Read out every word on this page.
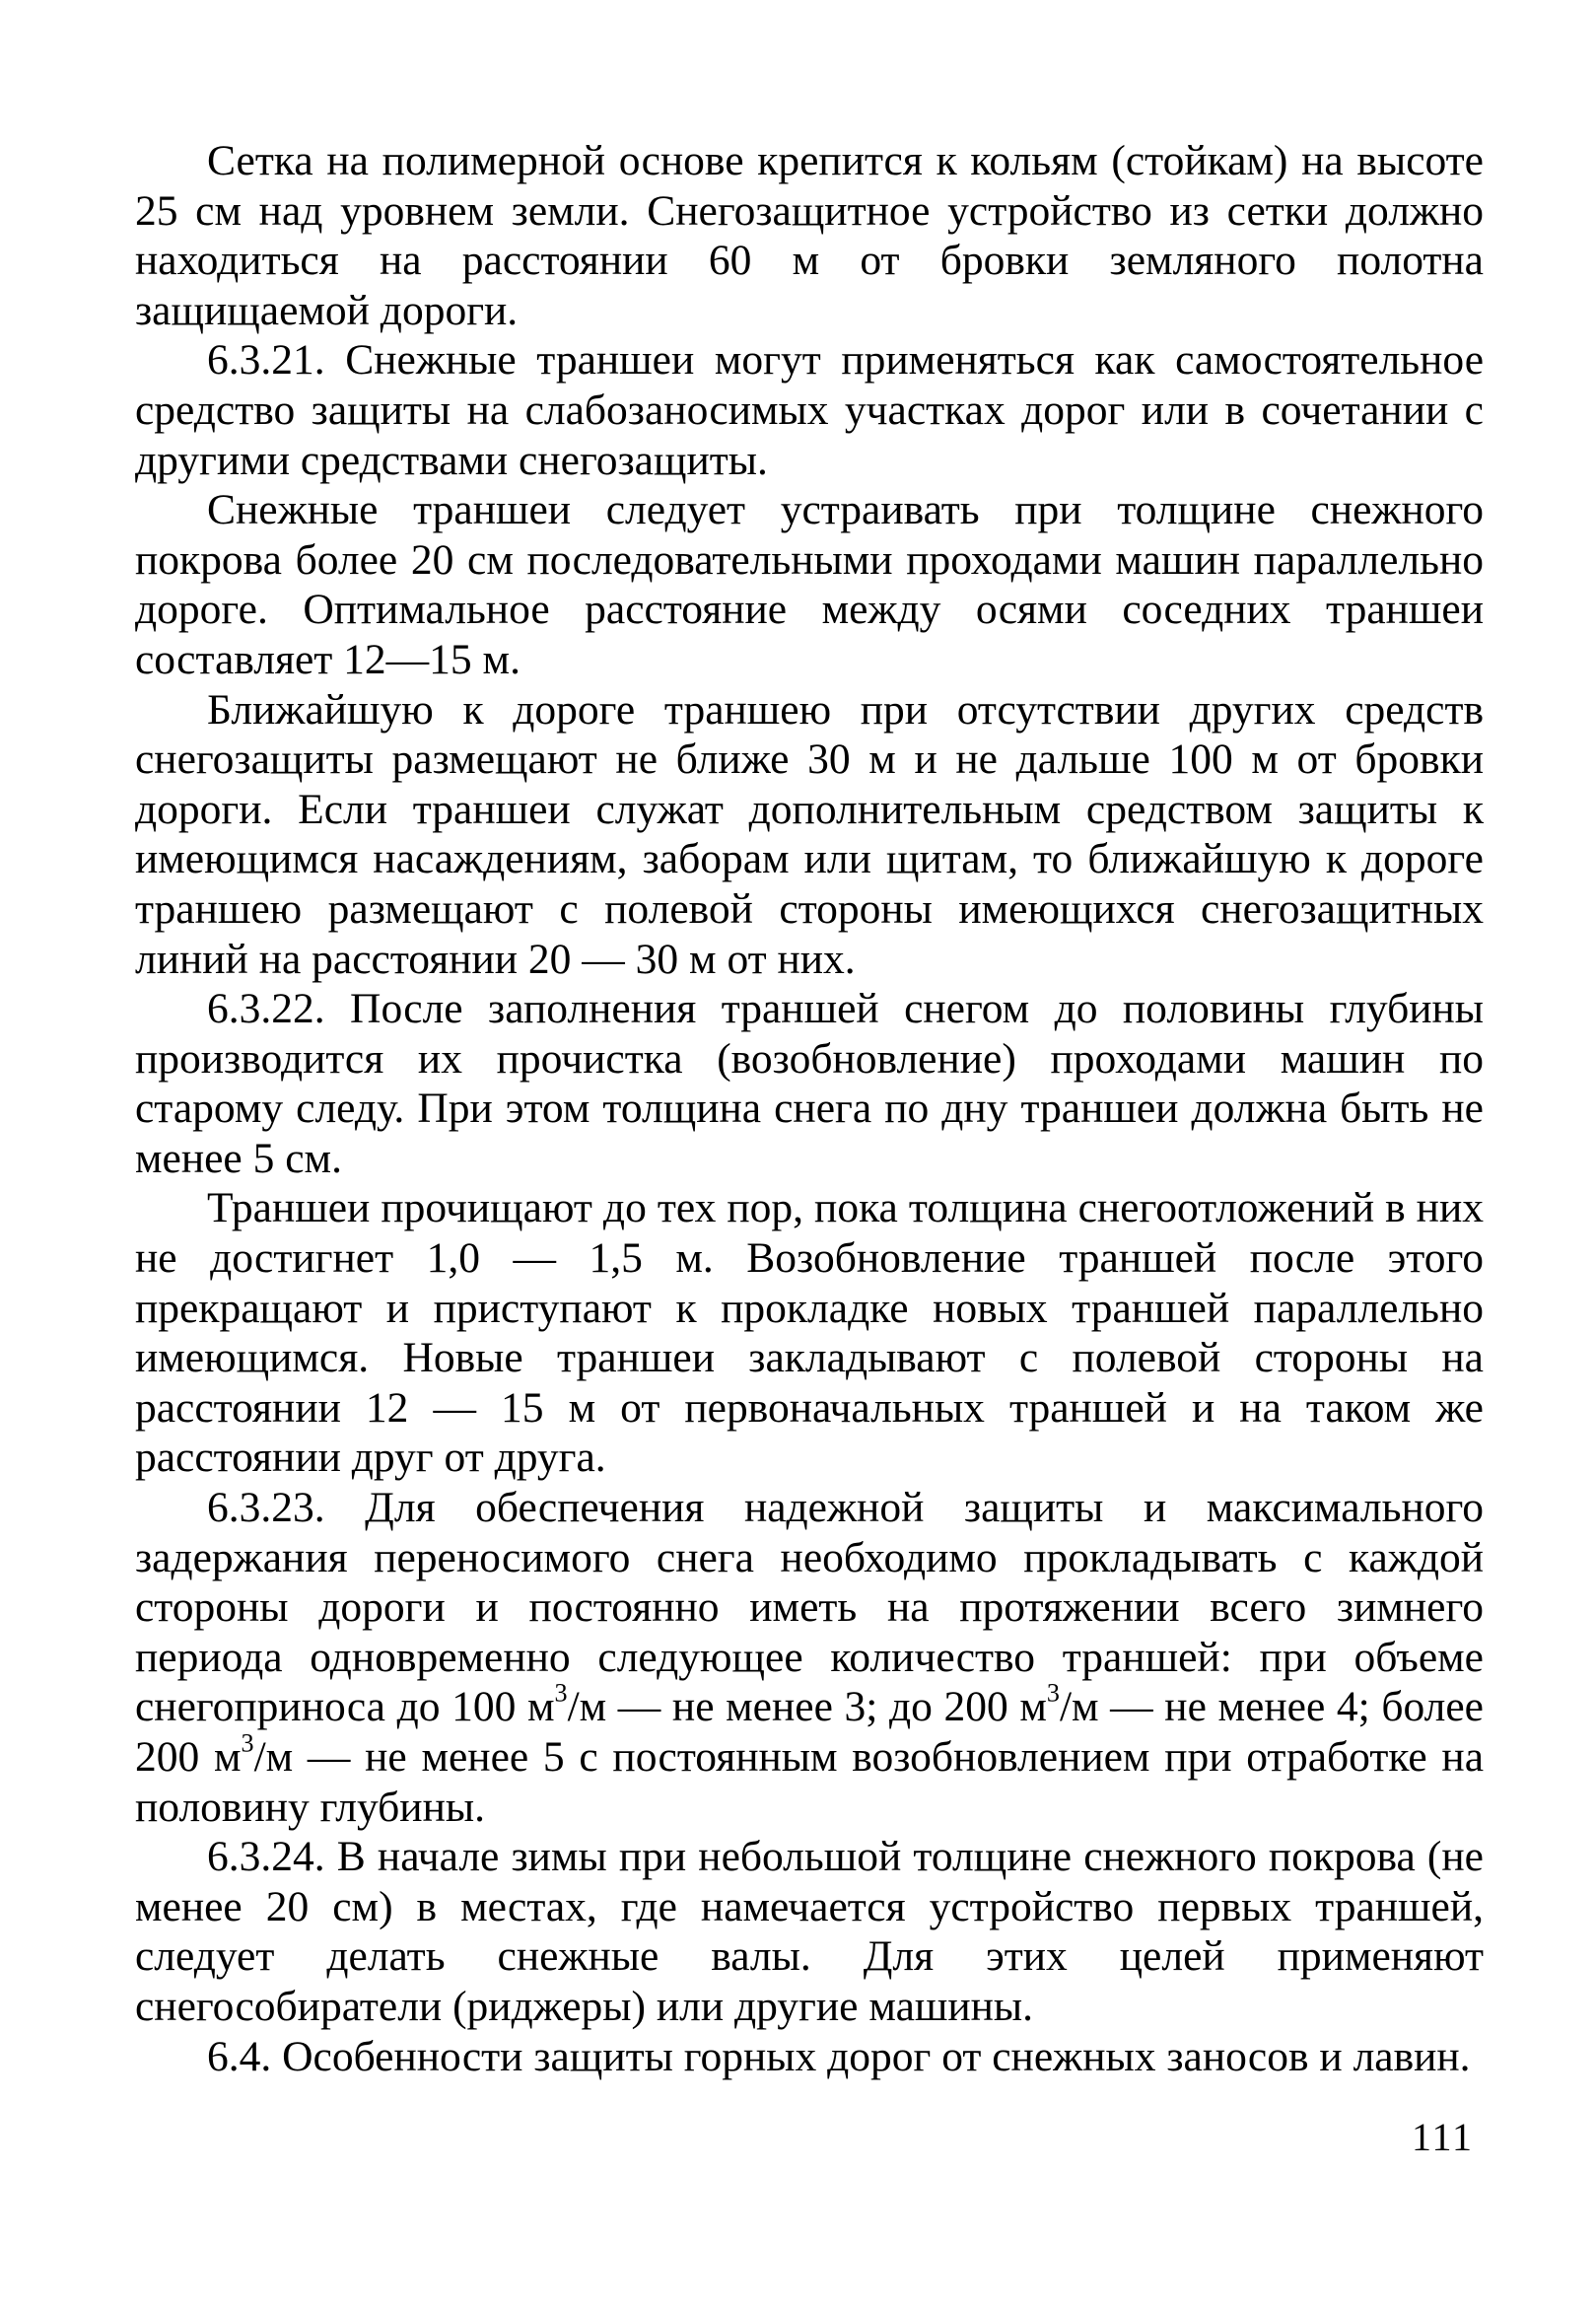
Сетка на полимерной основе крепится к кольям (стойкам) на высоте 25 см над уровнем земли. Снегозащитное устройство из сетки должно находиться на расстоянии 60 м от бровки земляного полотна защищаемой дороги.

6.3.21. Снежные траншеи могут применяться как самостоятельное средство защиты на слабозаносимых участках дорог или в сочетании с другими средствами снегозащиты.

Снежные траншеи следует устраивать при толщине снежного покрова более 20 см последовательными проходами машин параллельно дороге. Оптимальное расстояние между осями соседних траншеи составляет 12—15 м.

Ближайшую к дороге траншею при отсутствии других средств снегозащиты размещают не ближе 30 м и не дальше 100 м от бровки дороги. Если траншеи служат дополнительным средством защиты к имеющимся насаждениям, заборам или щитам, то ближайшую к дороге траншею размещают с полевой стороны имеющихся снегозащитных линий на расстоянии 20 — 30 м от них.

6.3.22. После заполнения траншей снегом до половины глубины производится их прочистка (возобновление) проходами машин по старому следу. При этом толщина снега по дну траншеи должна быть не менее 5 см.

Траншеи прочищают до тех пор, пока толщина снегоотложений в них не достигнет 1,0 — 1,5 м. Возобновление траншей после этого прекращают и приступают к прокладке новых траншей параллельно имеющимся. Новые траншеи закладывают с полевой стороны на расстоянии 12 — 15 м от первоначальных траншей и на таком же расстоянии друг от друга.

6.3.23. Для обеспечения надежной защиты и максимального задержания переносимого снега необходимо прокладывать с каждой стороны дороги и постоянно иметь на протяжении всего зимнего периода одновременно следующее количество траншей: при объеме снегоприноса до 100 $м^3/м$ — не менее 3; до 200 $м^3/м$ — не менее 4; более 200 $м^3/м$ — не менее 5 с постоянным возобновлением при отработке на половину глубины.

6.3.24. В начале зимы при небольшой толщине снежного покрова (не менее 20 см) в местах, где намечается устройство первых траншей, следует делать снежные валы. Для этих целей применяют снегособиратели (риджеры) или другие машины.

6.4. Особенности защиты горных дорог от снежных заносов и лавин.

111
